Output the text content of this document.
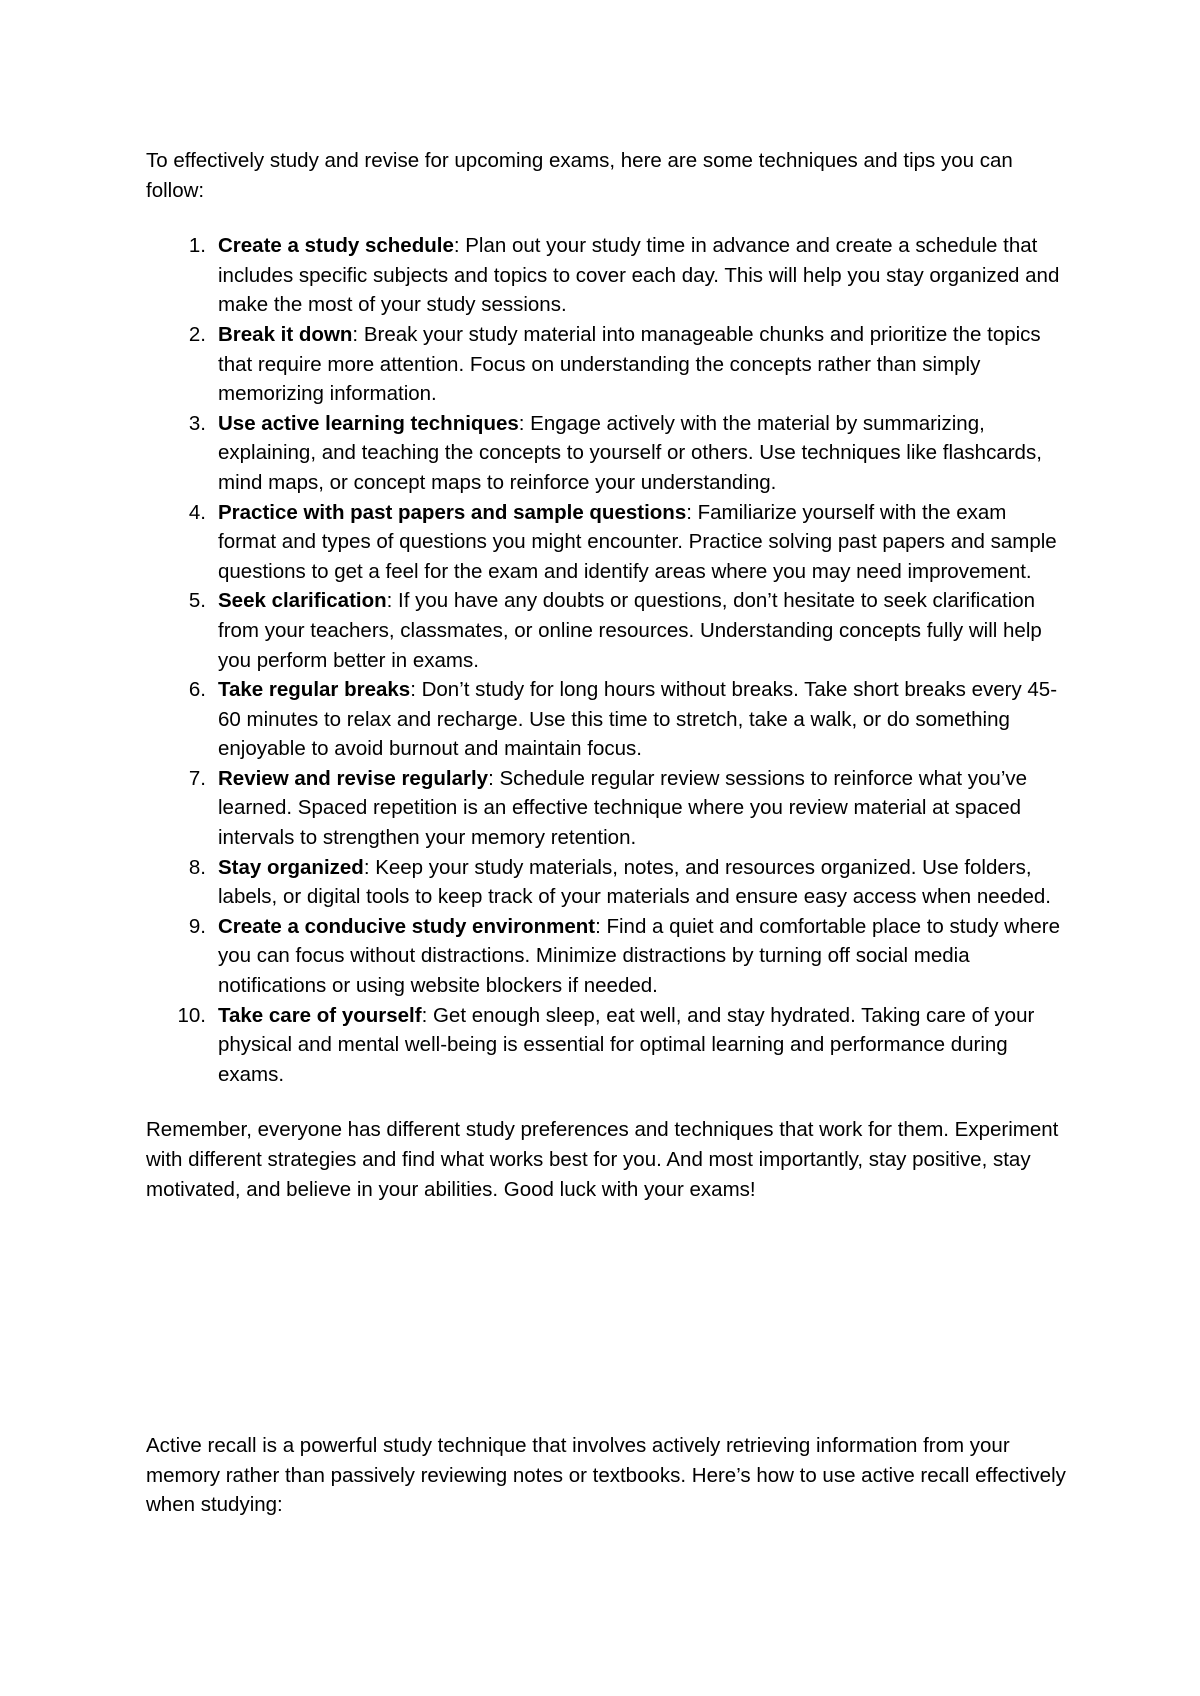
To effectively study and revise for upcoming exams, here are some techniques and tips you can follow:

1. Create a study schedule: Plan out your study time in advance and create a schedule that includes specific subjects and topics to cover each day. This will help you stay organized and make the most of your study sessions.
2. Break it down: Break your study material into manageable chunks and prioritize the topics that require more attention. Focus on understanding the concepts rather than simply memorizing information.
3. Use active learning techniques: Engage actively with the material by summarizing, explaining, and teaching the concepts to yourself or others. Use techniques like flashcards, mind maps, or concept maps to reinforce your understanding.
4. Practice with past papers and sample questions: Familiarize yourself with the exam format and types of questions you might encounter. Practice solving past papers and sample questions to get a feel for the exam and identify areas where you may need improvement.
5. Seek clarification: If you have any doubts or questions, don’t hesitate to seek clarification from your teachers, classmates, or online resources. Understanding concepts fully will help you perform better in exams.
6. Take regular breaks: Don’t study for long hours without breaks. Take short breaks every 45-60 minutes to relax and recharge. Use this time to stretch, take a walk, or do something enjoyable to avoid burnout and maintain focus.
7. Review and revise regularly: Schedule regular review sessions to reinforce what you’ve learned. Spaced repetition is an effective technique where you review material at spaced intervals to strengthen your memory retention.
8. Stay organized: Keep your study materials, notes, and resources organized. Use folders, labels, or digital tools to keep track of your materials and ensure easy access when needed.
9. Create a conducive study environment: Find a quiet and comfortable place to study where you can focus without distractions. Minimize distractions by turning off social media notifications or using website blockers if needed.
10. Take care of yourself: Get enough sleep, eat well, and stay hydrated. Taking care of your physical and mental well-being is essential for optimal learning and performance during exams.

Remember, everyone has different study preferences and techniques that work for them. Experiment with different strategies and find what works best for you. And most importantly, stay positive, stay motivated, and believe in your abilities. Good luck with your exams!

Active recall is a powerful study technique that involves actively retrieving information from your memory rather than passively reviewing notes or textbooks. Here’s how to use active recall effectively when studying:
